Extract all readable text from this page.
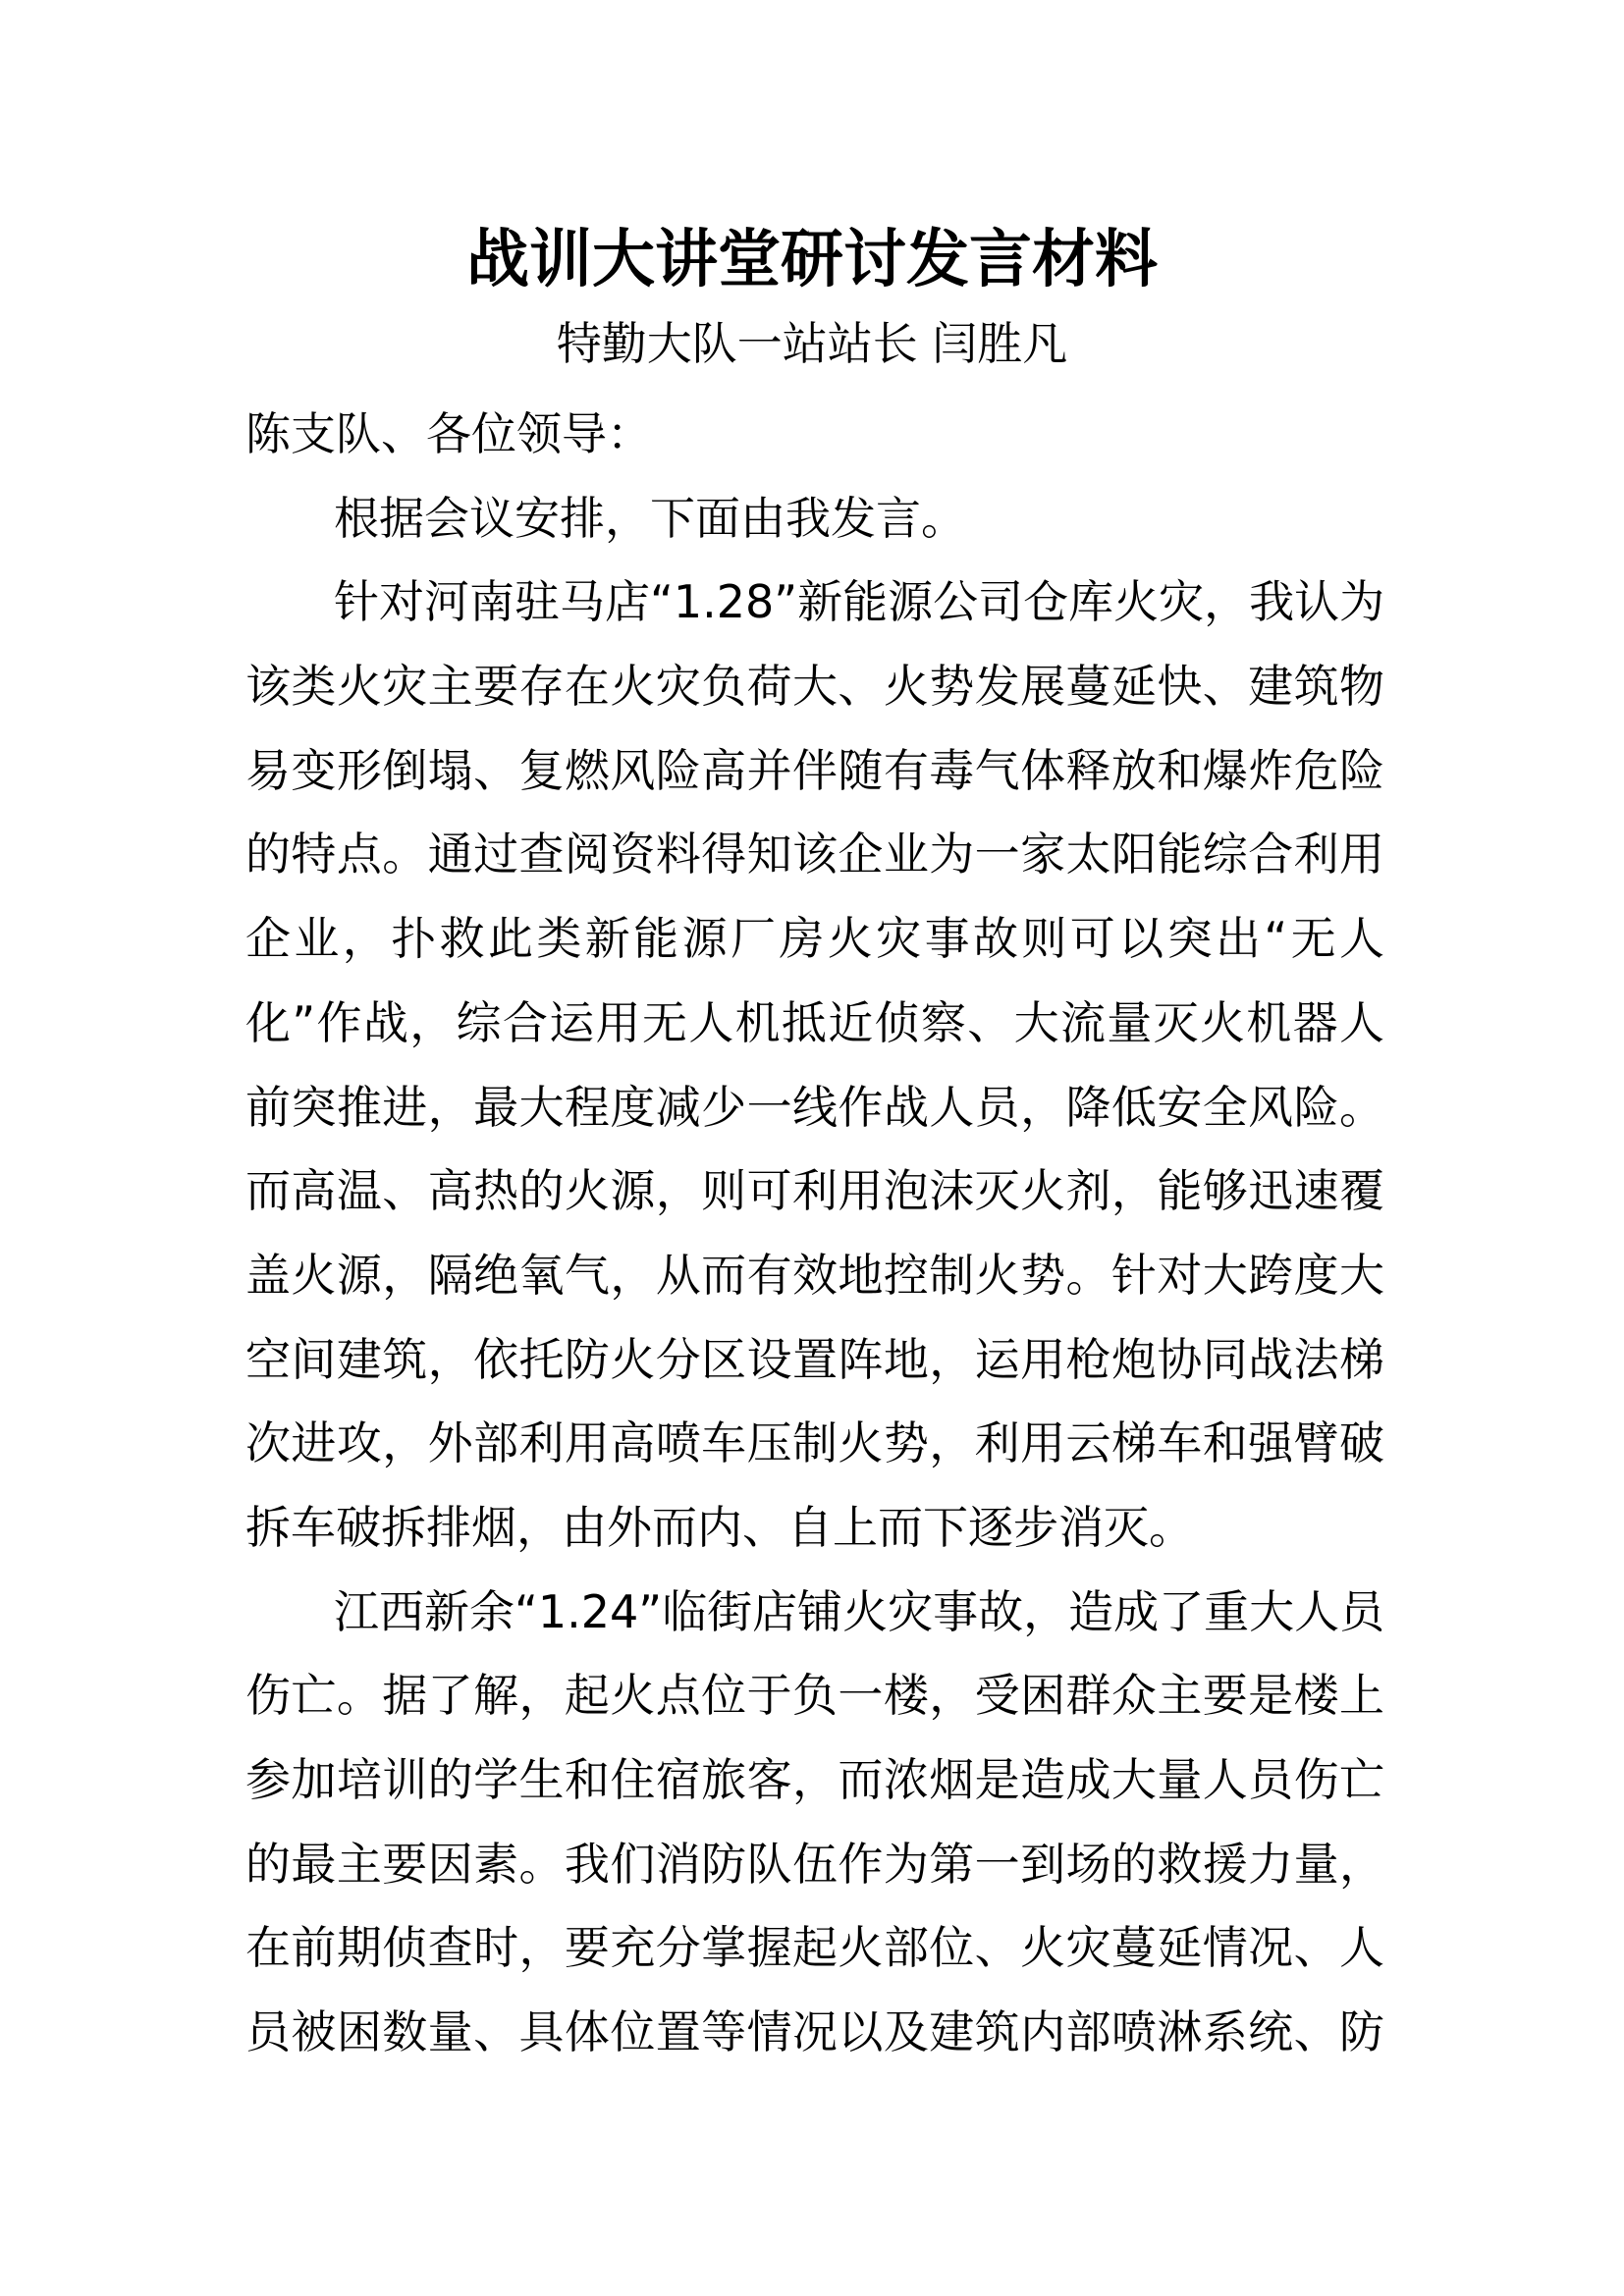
战训大讲堂研讨发言材料
特勤大队一站站长 闫胜凡
陈支队、各位领导：
根据会议安排，下面由我发言。
针对河南驻马店“1.28”新能源公司仓库火灾，我认为
该类火灾主要存在火灾负荷大、火势发展蔓延快、建筑物
易变形倒塌、复燃风险高并伴随有毒气体释放和爆炸危险
的特点。通过查阅资料得知该企业为一家太阳能综合利用
企业，扑救此类新能源厂房火灾事故则可以突出“无人
化”作战，综合运用无人机抵近侦察、大流量灭火机器人
前突推进，最大程度减少一线作战人员，降低安全风险。
而高温、高热的火源，则可利用泡沫灭火剂，能够迅速覆
盖火源，隔绝氧气，从而有效地控制火势。针对大跨度大
空间建筑，依托防火分区设置阵地，运用枪炮协同战法梯
次进攻，外部利用高喷车压制火势，利用云梯车和强臂破
拆车破拆排烟，由外而内、自上而下逐步消灭。
江西新余“1.24”临街店铺火灾事故，造成了重大人员
伤亡。据了解，起火点位于负一楼，受困群众主要是楼上
参加培训的学生和住宿旅客，而浓烟是造成大量人员伤亡
的最主要因素。我们消防队伍作为第一到场的救援力量，
在前期侦查时，要充分掌握起火部位、火灾蔓延情况、人
员被困数量、具体位置等情况以及建筑内部喷淋系统、防
